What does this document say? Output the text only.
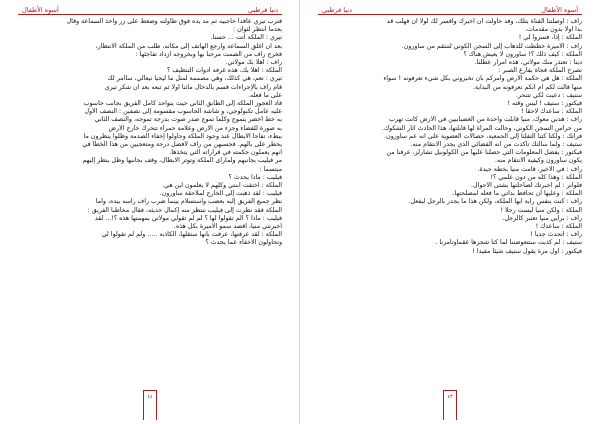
دنيا قرطبي
أسوه الأطفال

قترب تيري عاقدا حاجبيه ثم مد يده فوق طاولته وضغط على زر وأخذ السماعة وقال

بعدما انتظر لثوان :

تيري : الملكة آتت ... حسنا.

بعد أن أغلق السماعة وأرجع الهاتف إلى مكانه، طلب من الملكة الانتظار،

فخرج راف من الصمت مرحبا بها وبخروجه أزداد تفاجئها :

راف : أهلا بك مولاتي.

الملكة : أهلا بك، هذه غرفة أدوات التنظيف ؟

تيري : نعم، هي كذلك، وهي مصممة لمثل ما ليحيا تيعالي، سأأمر لك

قام راف بالإجراءات قسم بالدخال ماثنا أولا ثم تبعه بعد أن شكر تيري

على ما فعله.

قاد العجوز الملكة إلى الطابق الثاني حيث يتواجد كامل الفريق بجانب حاسوب

عليه عامل تكنولوجي، و شاشة الحاسوب مقسومة إلى نصفين : النصف الأول

به خط أخضر يتموج وكلما تموج صدر صوت بدرجة تموجه، والنصف الثاني

به صورة للفضاء وجزء من الأرض وعلامة حمراء تتحرك خارج الأرض

ببطء، تفاجأ الأبطال عند وجود الملكة وحاولوا إخفاء الصدمة وظلوا ينظرون ما

يخطر على بالهم. فحسبهن من راف لأفضل درجة ومتعجبين من هذا الخطأ في

أنهم يعملون حكمته في قراراته التي يتخذها.

مر فيليب بجانبهم ولمارأى الملكة وتوتر الأبطال، وقف بجانبها وظل ينظر إليهم

مبتسما :

فيليب : ماذا يحدث ؟

الملكة : اختفت ابنتي وكلهم لا يعلمون أين هي.

فيليب : لقد ذهبت إلى الخارج لملاحقة ساورون.

نظر جميع الفريق إليه بعضب واستسلام بينما ضرب راف رأسه بيده، وأما

الملكة فقد نظرت إلى فيليب تنتظر منه إكمال حديثه، فقال مخاطبا الفريق :

فيليب : ماذا ؟ ألم تقولوا لها ؟ لم لم تقولي مولاتي بمهمتها هذه ؟!... لقد

أخبرتني منيا، أقصد سمو الأميرة بكل هذه.

الملكة : لقد عرفتها، عرفت بأنها ستقلها، الكاذبة ..... ولم لم تقولوا لي

وتحاولون الأخفاء عما يحدث ؟

٤٤
أسوه الأطفال
دنيا قرطبي

راف : أوصلتنا القناة بتلك، وقد حاولت أن أخبرك وأقسر لك لولا أن فهلب قد

بدأ أولا بدون مقدمات.

الملكة : إذا، فسروا لي !

راف : الأميرة خططت للذهاب إلى السجن الكوني لتنتقم من ساورون.

الملكة : كيف ذلك ؟! ساورون لا يعيش هناك ؟

دينا : تعتذر منك مولاتي، هذه أمرار عطلنا.

تصرخ الملكة فجأة بفارغ الصبر :

الملكة : هل هي حكمة الأرض وأمركم بأن تخبروني بكل شيء تعرفونه ! سواء

منها قالت لكم أم أنكم تعرفونه من البداية.

ستيف : دعيت لكي تتنحر.

فيكتور : ستيف ! ليس وقته !

الملكة : سأعدك لاحقا !

راف : هدني معوك، منيا قابلت واحدة من الغضبانيين في الأرض كانت تهرب

من حراس السجن الكوني، وحالت المرأة لها قابلتها، هذا الحادث أثار الشكوك.

فرانك : ولكنا كتنا التقلنا إلى الجمعية، حصالات العضوية على أنه عم ساورون.

ستيف : ولما سألتك تأكدت من أنه الفضائي الذي يجدر الانتقام منه.

فيكتور : يفضل المعلومات التي حصلنا عليها من الكولونيل تشارلز، عرفنا من

يكون ساورون وكيفية الانتقام منه.

راف : في الأخير، قامت منيا بخطة جيدة.

الملكة : وهذا كله من دون علمي ؟!

فلوانر : لم أخبرتك لصاحلتها بشتى الأحوال.

الملكة : وعليها أن تحافظ بذاتي ما فعله لمصلحتها.

راف : كنت بنفس راية أيها الملكة، ولكن هذا ما يجدر بالرجل ليفعل.

الملكة : ولكن منيا ليست رجلا !

راف : برأيي منيا تعتبر كالرجل.

الملكة : سأعدك !

راف : أتحدث جديا !

ستيف : لم كذبت ستتعوضننا لما كتا شجرها عقماوتأمرنا .

فيكتور : أول مرة يقول ستيف شيئا مفيدا !

٤٣
